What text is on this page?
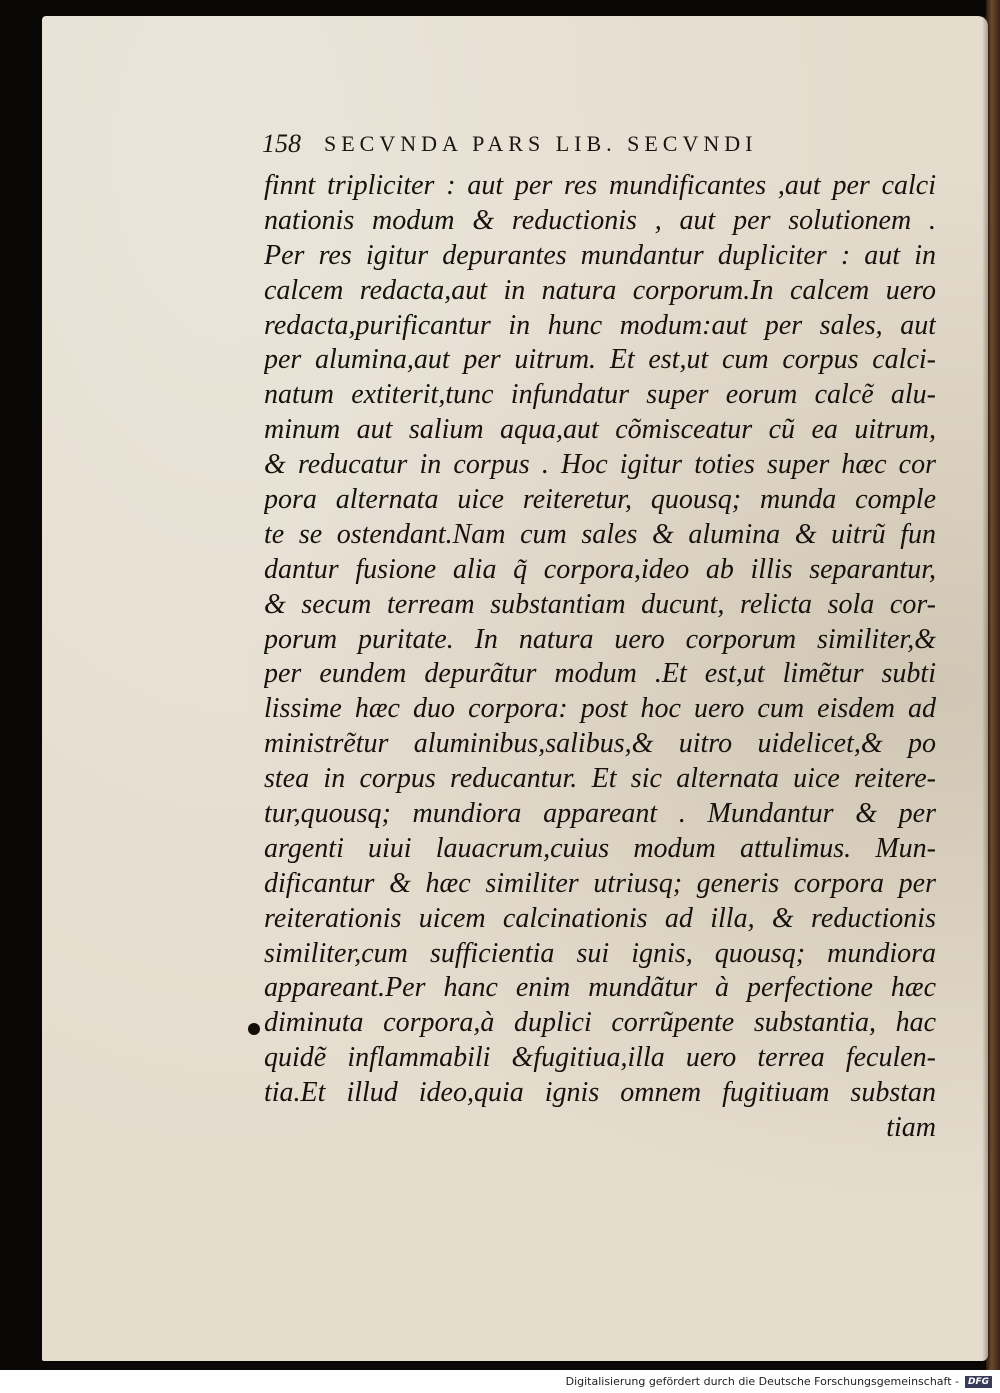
158	SECVNDA PARS LIB. SECVNDI
finnt tripliciter : aut per res mundificantes ,aut per calci
nationis modum & reductionis , aut per solutionem .
Per res igitur depurantes mundantur dupliciter : aut in
calcem redacta,aut in natura corporum.In calcem uero
redacta,purificantur in hunc modum:aut per sales, aut
per alumina,aut per uitrum. Et est,ut cum corpus calci-
natum extiterit,tunc infundatur super eorum calcẽ alu-
minum aut salium aqua,aut cõmisceatur cũ ea uitrum,
& reducatur in corpus . Hoc igitur toties super hæc cor
pora alternata uice reiteretur, quousq; munda comple
te se ostendant.Nam cum sales & alumina & uitrũ fun
dantur fusione alia q̃ corpora,ideo ab illis separantur,
& secum terream substantiam ducunt, relicta sola cor-
porum puritate. In natura uero corporum similiter,&
per eundem depurãtur modum .Et est,ut limẽtur subti
lissime hæc duo corpora: post hoc uero cum eisdem ad
ministrẽtur aluminibus,salibus,& uitro uidelicet,& po
stea in corpus reducantur. Et sic alternata uice reitere-
tur,quousq; mundiora appareant . Mundantur & per
argenti uiui lauacrum,cuius modum attulimus. Mun-
dificantur & hæc similiter utriusq; generis corpora per
reiterationis uicem calcinationis ad illa, & reductionis
similiter,cum sufficientia sui ignis, quousq; mundiora
appareant.Per hanc enim mundãtur à perfectione hæc
diminuta corpora,à duplici corrũpente substantia, hac
quidẽ inflammabili &fugitiua,illa uero terrea feculen-
tia.Et illud ideo,quia ignis omnem fugitiuam substan
tiam
Digitalisierung gefördert durch die Deutsche Forschungsgemeinschaft -	DFG
